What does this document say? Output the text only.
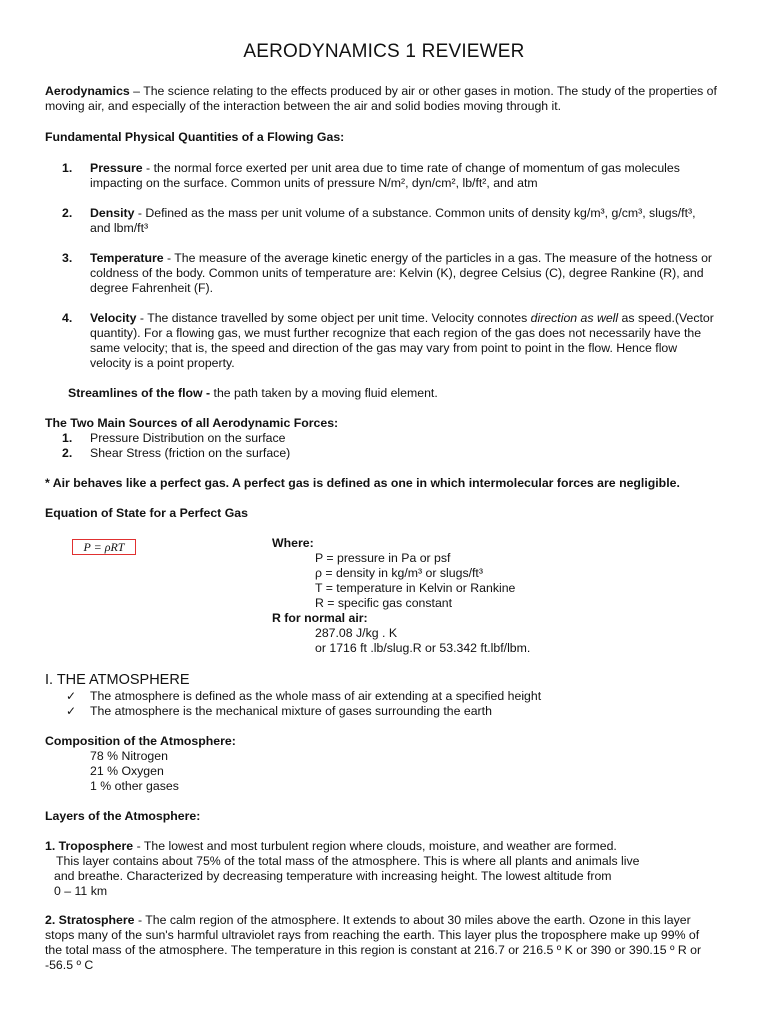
AERODYNAMICS 1 REVIEWER

Aerodynamics – The science relating to the effects produced by air or other gases in motion. The study of the properties of

moving air, and especially of the interaction between the air and solid bodies moving through it.

Fundamental Physical Quantities of a Flowing Gas:
1. Pressure - the normal force exerted per unit area due to time rate of change of momentum of gas molecules

impacting on the surface. Common units of pressure N/m², dyn/cm², lb/ft², and atm

2. Density - Defined as the mass per unit volume of a substance. Common units of density kg/m³, g/cm³, slugs/ft³,

and lbm/ft³

3. Temperature - The measure of the average kinetic energy of the particles in a gas. The measure of the hotness or

coldness of the body. Common units of temperature are: Kelvin (K), degree Celsius (C), degree Rankine (R), and

degree Fahrenheit (F).

4. Velocity - The distance travelled by some object per unit time. Velocity connotes direction as well as speed.(Vector

quantity). For a flowing gas, we must further recognize that each region of the gas does not necessarily have the

same velocity; that is, the speed and direction of the gas may vary from point to point in the flow. Hence flow

velocity is a point property.

Streamlines of the flow - the path taken by a moving fluid element.
The Two Main Sources of all Aerodynamic Forces:
1. Pressure Distribution on the surface
2. Shear Stress (friction on the surface)
* Air behaves like a perfect gas. A perfect gas is defined as one in which intermolecular forces are negligible.
Equation of State for a Perfect Gas
P = ρRT	Where:
P = pressure in Pa or psf
ρ = density in kg/m³ or slugs/ft³
T = temperature in Kelvin or Rankine
R = specific gas constant
R for normal air:
287.08 J/kg . K
or 1716 ft .lb/slug.R or 53.342 ft.lbf/lbm.
I. THE ATMOSPHERE
✓ The atmosphere is defined as the whole mass of air extending at a specified height
✓ The atmosphere is the mechanical mixture of gases surrounding the earth
Composition of the Atmosphere:
78 % Nitrogen
21 % Oxygen
1 % other gases
Layers of the Atmosphere:

1. Troposphere - The lowest and most turbulent region where clouds, moisture, and weather are formed.

This layer contains about 75% of the total mass of the atmosphere. This is where all plants and animals live

and breathe. Characterized by decreasing temperature with increasing height. The lowest altitude from

0 – 11 km

2. Stratosphere - The calm region of the atmosphere. It extends to about 30 miles above the earth. Ozone in this layer

stops many of the sun's harmful ultraviolet rays from reaching the earth. This layer plus the troposphere make up 99% of

the total mass of the atmosphere. The temperature in this region is constant at 216.7 or 216.5 º K or 390 or 390.15 º R or

-56.5 º C
